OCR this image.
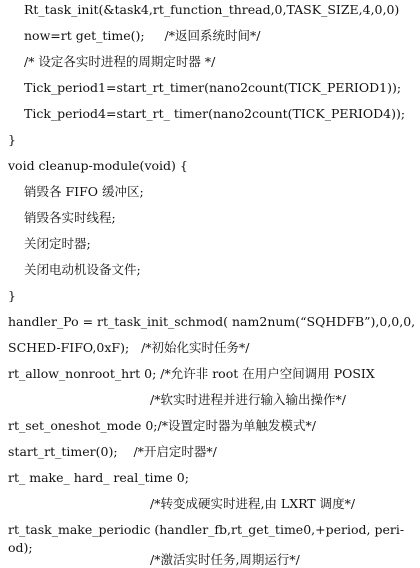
Rt_task_init(&task4,rt_function_thread,0,TASK_SIZE,4,0,0)
now=rt get_time();     /*返回系统时间*/
/* 设定各实时进程的周期定时器 */
Tick_period1=start_rt_timer(nano2count(TICK_PERIOD1));
Tick_period4=start_rt_ timer(nano2count(TICK_PERIOD4));
}
void cleanup-module(void) {
销毁各 FIFO 缓冲区;
销毁各实时线程;
关闭定时器;
关闭电动机设备文件;
}
handler_Po = rt_task_init_schmod( nam2num(“SQHDFB”),0,0,0,
SCHED-FIFO,0xF);   /*初始化实时任务*/
rt_allow_nonroot_hrt 0; /*允许非 root 在用户空间调用 POSIX
/*软实时进程并进行输入输出操作*/
rt_set_oneshot_mode 0;/*设置定时器为单触发模式*/
start_rt_timer(0);    /*开启定时器*/
rt_ make_ hard_ real_time 0;
/*转变成硬实时进程,由 LXRT 调度*/
rt_task_make_periodic (handler_fb,rt_get_time0,+period, peri-
od);
/*激活实时任务,周期运行*/
